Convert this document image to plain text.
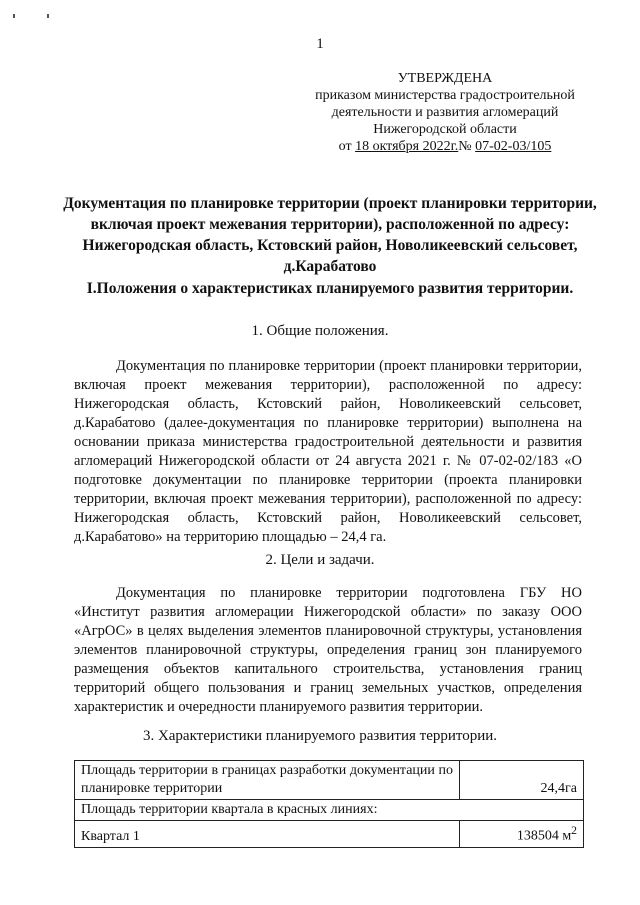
1
УТВЕРЖДЕНА
приказом министерства градостроительной
деятельности и развития агломераций
Нижегородской области
от 18 октября 2022г.№ 07-02-03/105
Документация по планировке территории (проект планировки территории, включая проект межевания территории), расположенной по адресу: Нижегородская область, Кстовский район, Новоликеевский сельсовет, д.Карабатово
I.Положения о характеристиках планируемого развития территории.
1. Общие положения.
Документация по планировке территории (проект планировки территории, включая проект межевания территории), расположенной по адресу: Нижегородская область, Кстовский район, Новоликеевский сельсовет, д.Карабатово (далее-документация по планировке территории) выполнена на основании приказа министерства градостроительной деятельности и развития агломераций Нижегородской области от 24 августа 2021 г. № 07-02-02/183 «О подготовке документации по планировке территории (проекта планировки территории, включая проект межевания территории), расположенной по адресу: Нижегородская область, Кстовский район, Новоликеевский сельсовет, д.Карабатово» на территорию площадью – 24,4 га.
2. Цели и задачи.
Документация по планировке территории подготовлена ГБУ НО «Институт развития агломерации Нижегородской области» по заказу ООО «АгрОС» в целях выделения элементов планировочной структуры, установления элементов планировочной структуры, определения границ зон планируемого размещения объектов капитального строительства, установления границ территорий общего пользования и границ земельных участков, определения характеристик и очередности планируемого развития территории.
3. Характеристики планируемого развития территории.
Площадь территории в границах разработки документации по планировке территории	24,4га
Площадь территории квартала в красных линиях:	
Квартал 1	138504 $м^2$
